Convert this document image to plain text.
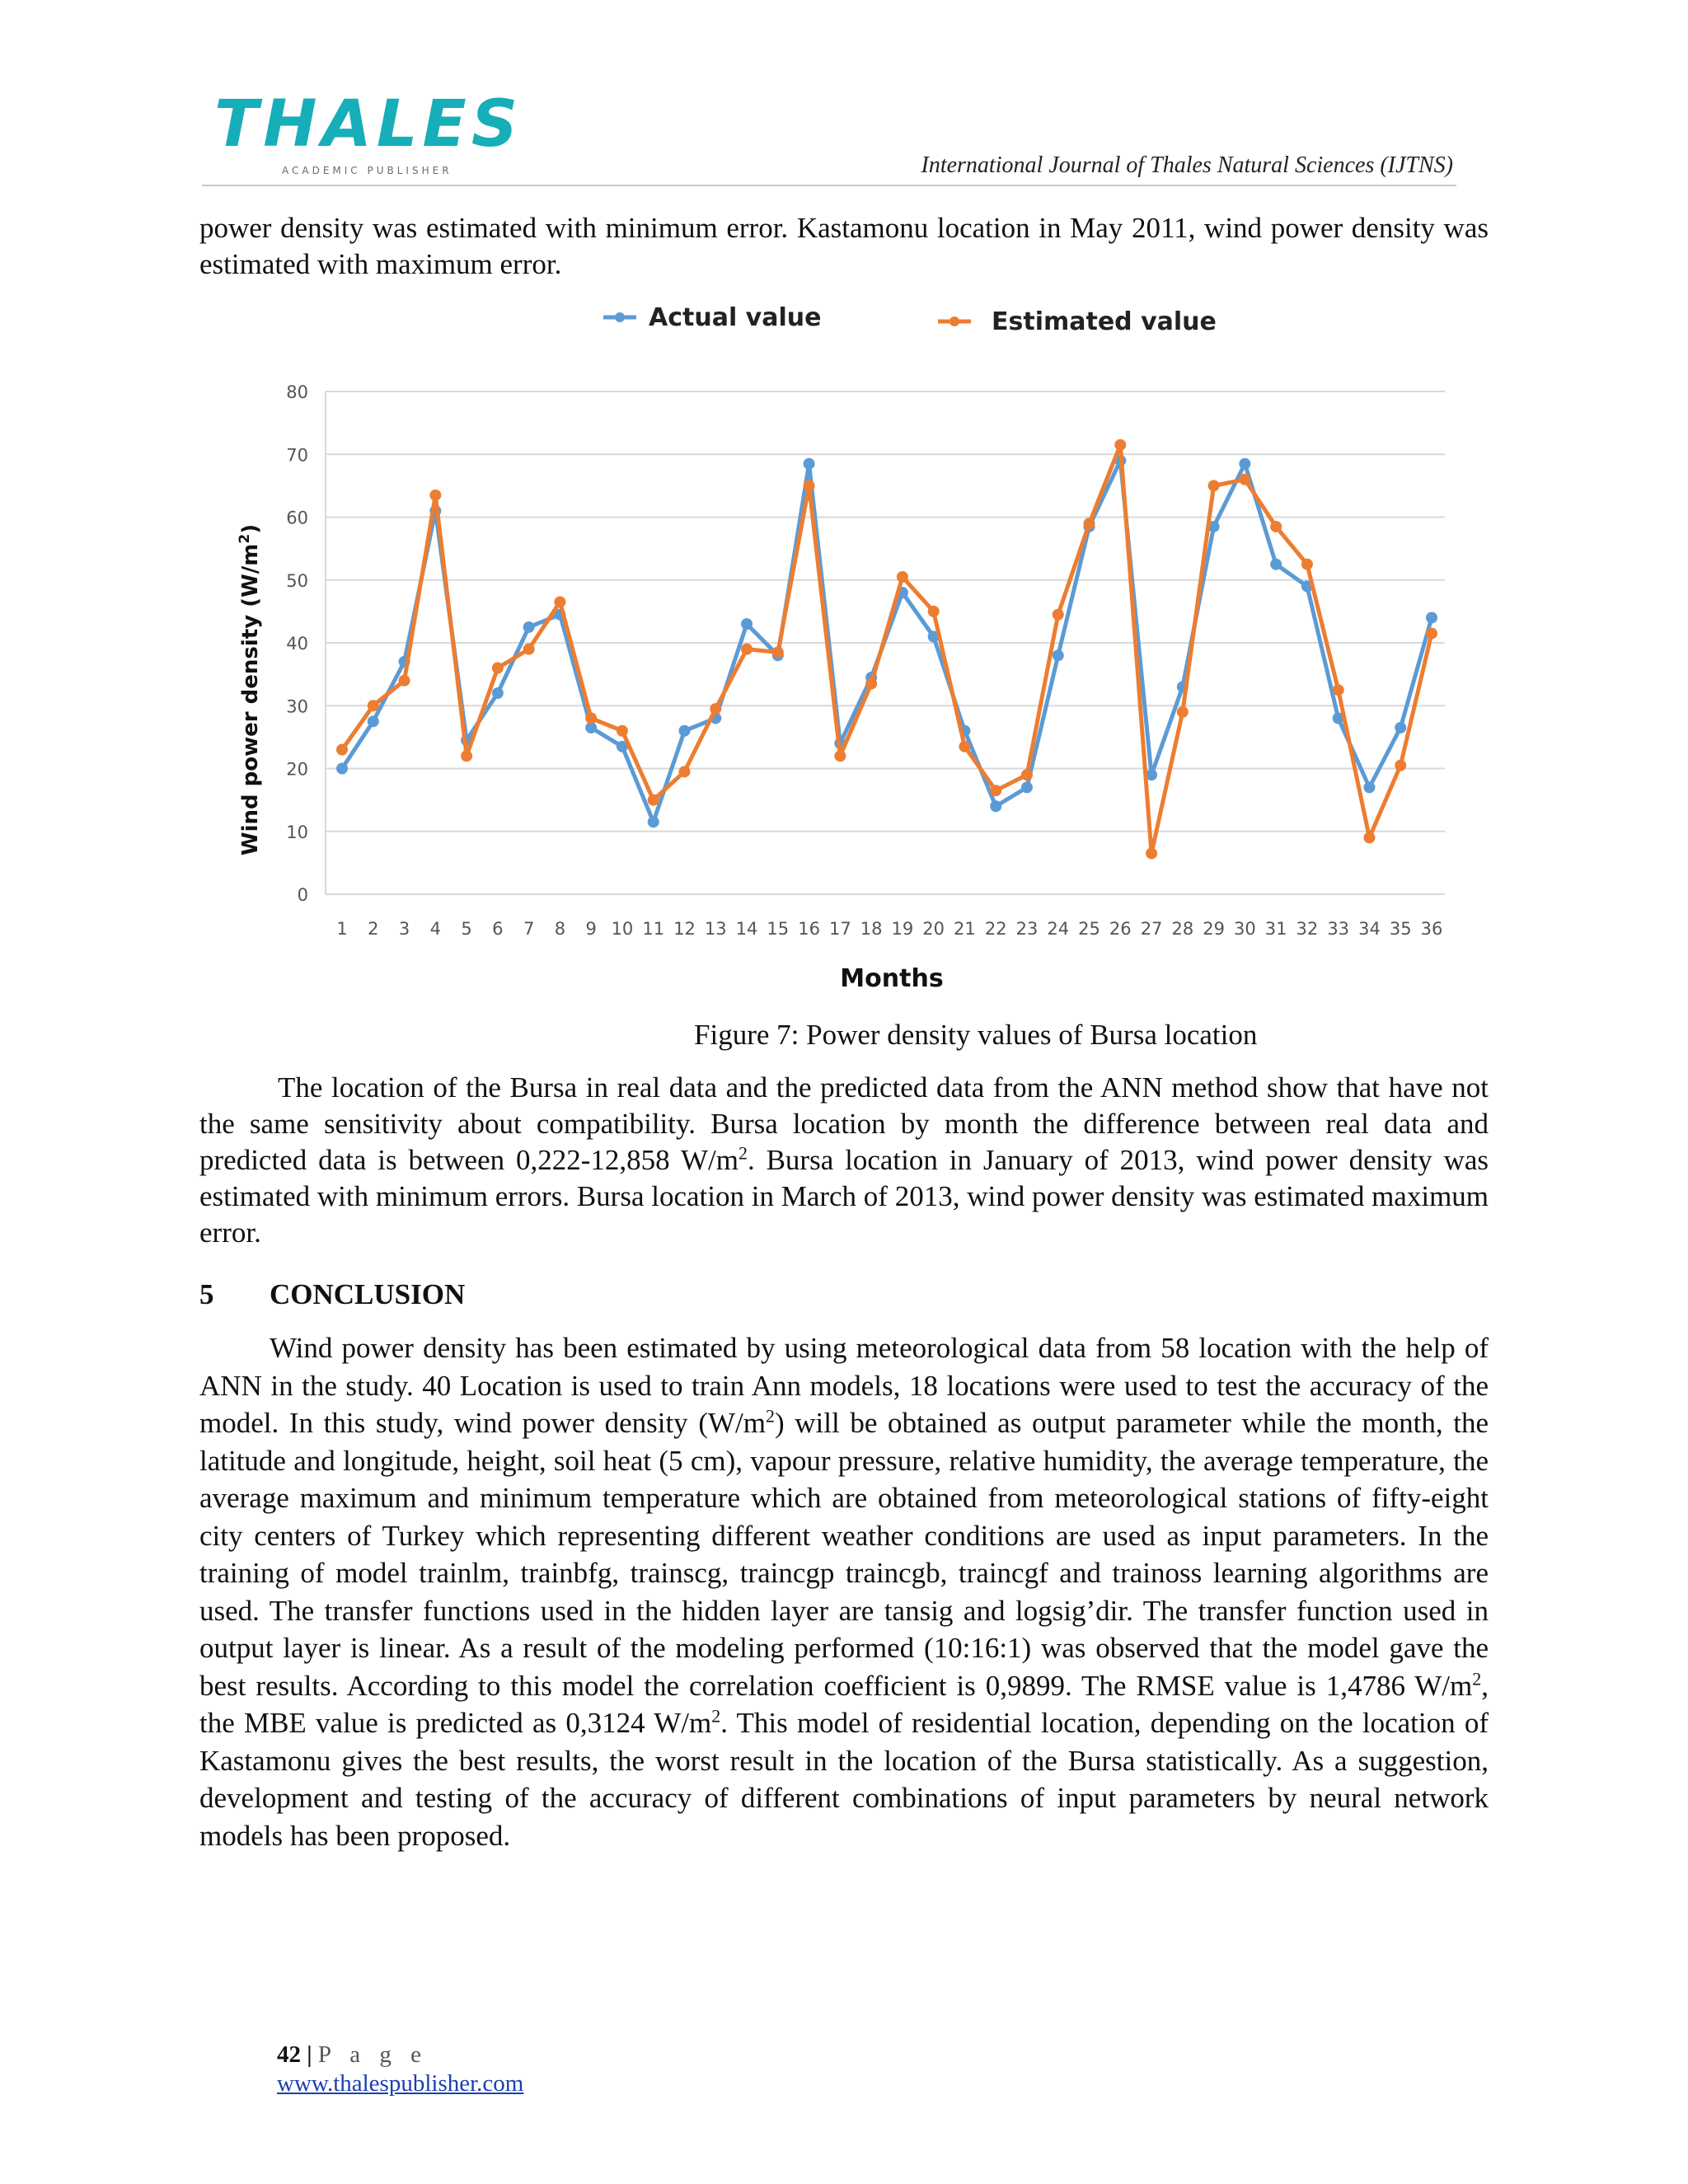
THALES
ACADEMIC PUBLISHER	International Journal of Thales Natural Sciences (IJTNS)

power density was estimated with minimum error. Kastamonu location in May 2011, wind power density was estimated with maximum error.

Actual value	Estimated value
0
10
20
30
40
50
60
70
80
1 2 3 4 5 6 7 8 9 10 11 12 13 14 15 16 17 18 19 20 21 22 23 24 25 26 27 28 29 30 31 32 33 34 35 36
Wind power density $(W/m^2)$
Months
Figure 7: Power density values of Bursa location

The location of the Bursa in real data and the predicted data from the ANN method show that have not the same sensitivity about compatibility. Bursa location by month the difference between real data and predicted data is between 0,222-12,858 $W/m^2$. Bursa location in January of 2013, wind power density was estimated with minimum errors. Bursa location in March of 2013, wind power density was estimated maximum error.

5 CONCLUSION

Wind power density has been estimated by using meteorological data from 58 location with the help of ANN in the study. 40 Location is used to train Ann models, 18 locations were used to test the accuracy of the model. In this study, wind power density $(W/m^2)$ will be obtained as output parameter while the month, the latitude and longitude, height, soil heat (5 cm), vapour pressure, relative humidity, the average temperature, the average maximum and minimum temperature which are obtained from meteorological stations of fifty-eight city centers of Turkey which representing different weather conditions are used as input parameters. In the training of model trainlm, trainbfg, trainscg, traincgp traincgb, traincgf and trainoss learning algorithms are used. The transfer functions used in the hidden layer are tansig and logsig’dir. The transfer function used in output layer is linear. As a result of the modeling performed (10:16:1) was observed that the model gave the best results. According to this model the correlation coefficient is 0,9899. The RMSE value is 1,4786 $W/m^2$, the MBE value is predicted as 0,3124 $W/m^2$. This model of residential location, depending on the location of Kastamonu gives the best results, the worst result in the location of the Bursa statistically. As a suggestion, development and testing of the accuracy of different combinations of input parameters by neural network models has been proposed.

42 | P a g e
www.thalespublisher.com
